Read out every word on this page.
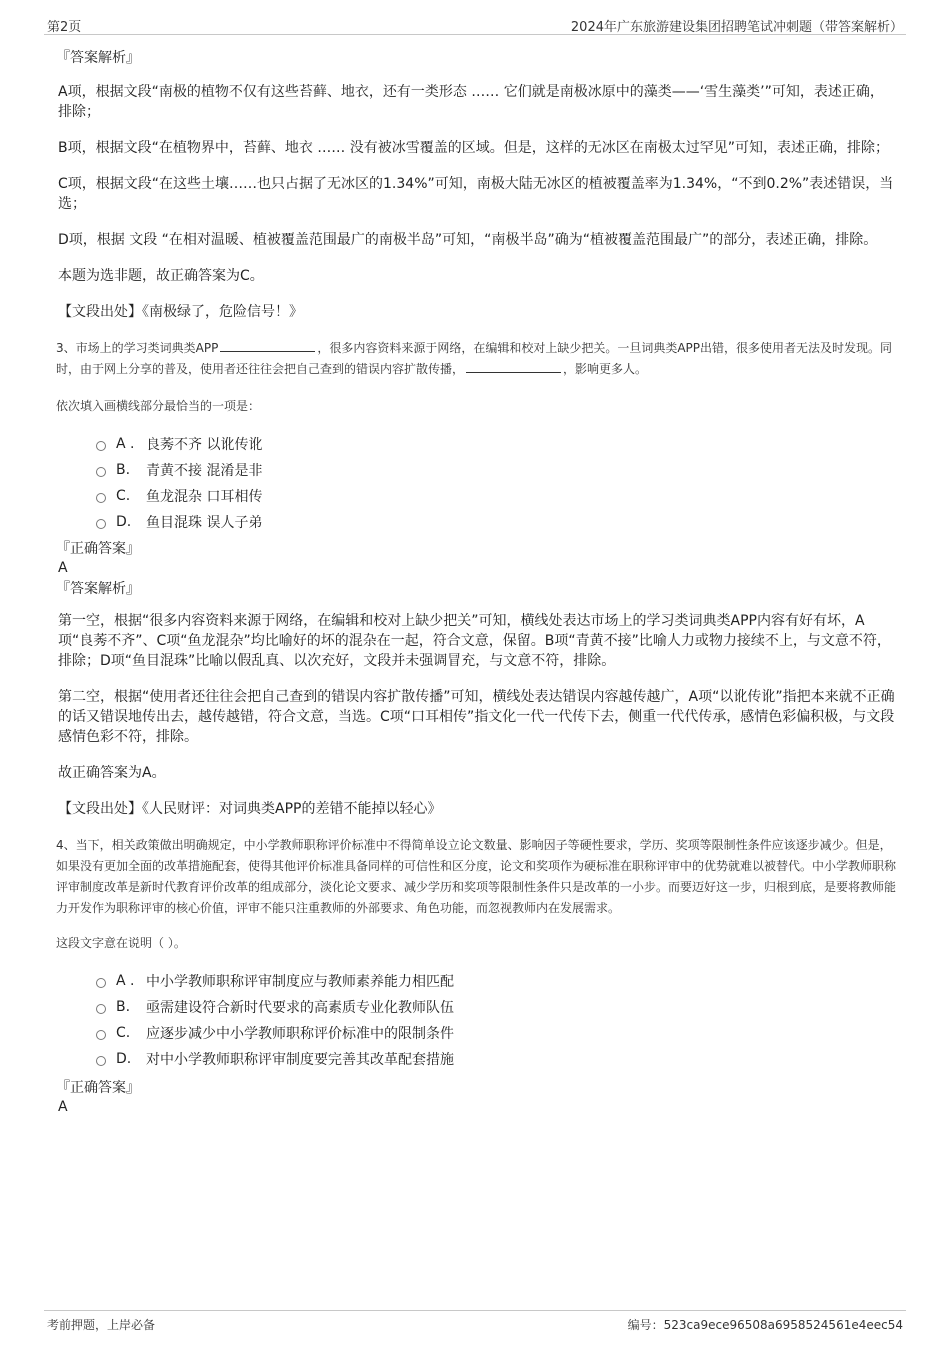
第2页	2024年广东旅游建设集团招聘笔试冲刺题（带答案解析）
『答案解析』

A项，根据文段“南极的植物不仅有这些苔藓、地衣，还有一类形态 …… 它们就是南极冰原中的藻类——‘雪生藻类’”可知，表述正确，排除；

B项，根据文段“在植物界中，苔藓、地衣 …… 没有被冰雪覆盖的区域。但是，这样的无冰区在南极太过罕见”可知，表述正确，排除；

C项，根据文段“在这些土壤……也只占据了无冰区的1.34%”可知，南极大陆无冰区的植被覆盖率为1.34%，“不到0.2%”表述错误，当选；

D项，根据 文段 “在相对温暖、植被覆盖范围最广的南极半岛”可知，“南极半岛”确为“植被覆盖范围最广”的部分，表述正确，排除。

本题为选非题，故正确答案为C。

【文段出处】《南极绿了，危险信号！》

3、市场上的学习类词典类APP	，很多内容资料来源于网络，在编辑和校对上缺少把关。一旦词典类APP出错，很多使用者无法及时发现。同时，由于网上分享的普及，使用者还往往会把自己查到的错误内容扩散传播，	，影响更多人。

依次填入画横线部分最恰当的一项是：

A . 良莠不齐 以讹传讹
B.	青黄不接 混淆是非
C.	鱼龙混杂 口耳相传
D.	鱼目混珠 误人子弟
『正确答案』
A
『答案解析』

第一空，根据“很多内容资料来源于网络，在编辑和校对上缺少把关”可知，横线处表达市场上的学习类词典类APP内容有好有坏，A项“良莠不齐”、C项“鱼龙混杂”均比喻好的坏的混杂在一起，符合文意，保留。B项“青黄不接”比喻人力或物力接续不上，与文意不符，排除；D项“鱼目混珠”比喻以假乱真、以次充好，文段并未强调冒充，与文意不符，排除。

第二空，根据“使用者还往往会把自己查到的错误内容扩散传播”可知，横线处表达错误内容越传越广，A项“以讹传讹”指把本来就不正确的话又错误地传出去，越传越错，符合文意，当选。C项“口耳相传”指文化一代一代传下去，侧重一代代传承，感情色彩偏积极，与文段感情色彩不符，排除。

故正确答案为A。

【文段出处】《人民财评：对词典类APP的差错不能掉以轻心》

4、当下，相关政策做出明确规定，中小学教师职称评价标准中不得简单设立论文数量、影响因子等硬性要求，学历、奖项等限制性条件应该逐步减少。但是，如果没有更加全面的改革措施配套，使得其他评价标准具备同样的可信性和区分度，论文和奖项作为硬标准在职称评审中的优势就难以被替代。中小学教师职称评审制度改革是新时代教育评价改革的组成部分，淡化论文要求、减少学历和奖项等限制性条件只是改革的一小步。而要迈好这一步，归根到底，是要将教师能力开发作为职称评审的核心价值，评审不能只注重教师的外部要求、角色功能，而忽视教师内在发展需求。

这段文字意在说明（ ）。

A . 中小学教师职称评审制度应与教师素养能力相匹配
B.	亟需建设符合新时代要求的高素质专业化教师队伍
C.	应逐步减少中小学教师职称评价标准中的限制条件
D.	对中小学教师职称评审制度要完善其改革配套措施
『正确答案』
A
考前押题，上岸必备	编号：523ca9ece96508a6958524561e4eec54
